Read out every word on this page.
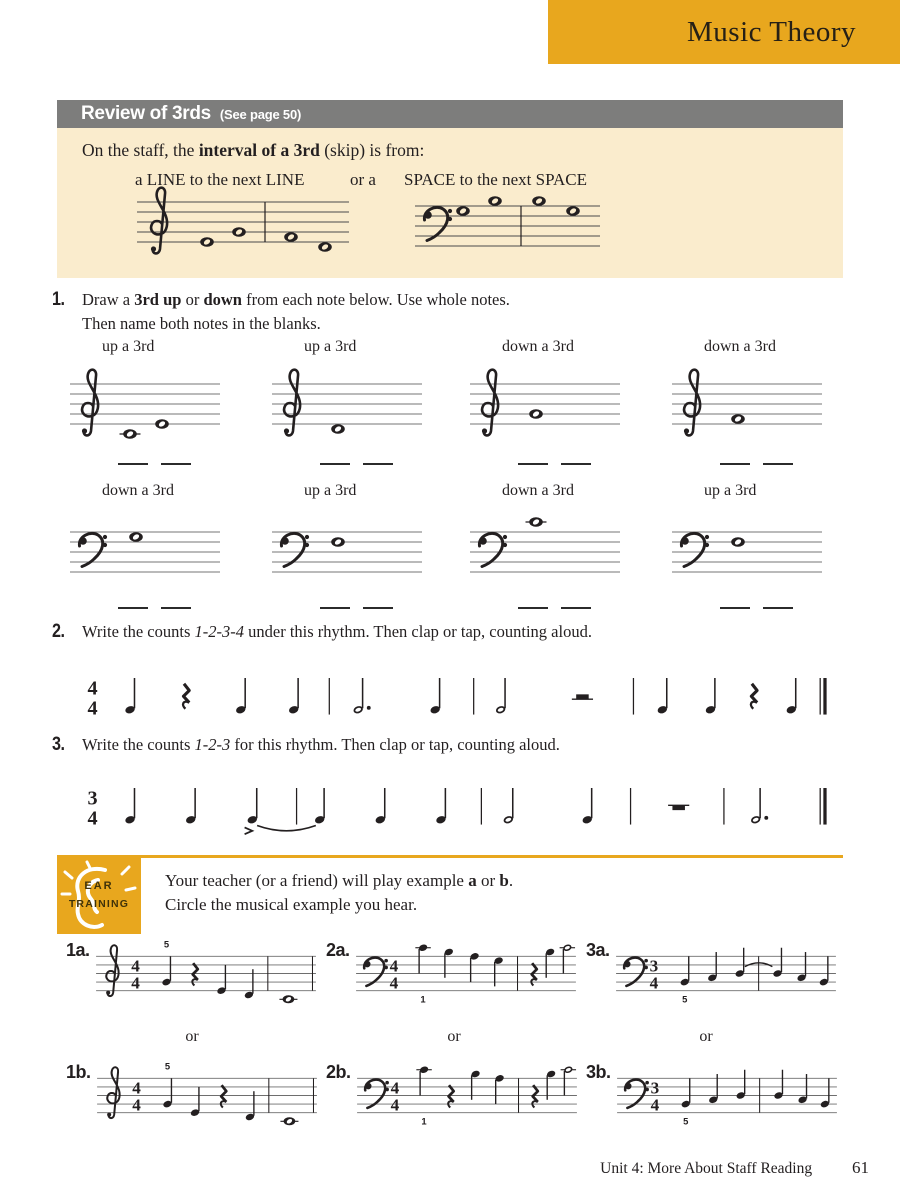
Music Theory
Review of 3rds (See page 50)

On the staff, the interval of a 3rd (skip) is from:

a LINE to the next LINE	or a SPACE to the next SPACE
1. Draw a 3rd up or down from each note below. Use whole notes.
Then name both notes in the blanks.

up a 3rd	up a 3rd	down a 3rd	down a 3rd
down a 3rd	up a 3rd	down a 3rd	up a 3rd
2. Write the counts 1-2-3-4 under this rhythm. Then clap or tap, counting aloud.

4
4
3. Write the counts 1-2-3 for this rhythm. Then clap or tap, counting aloud.

3
4
EAR
TRAINING

Your teacher (or a friend) will play example a or b.
Circle the musical example you hear.

1a.
4
4
5	2a.
4
4
1
3a.
3
4
5
or	or	or
1b.
4
4
5	2b.
4
4
1
3b.
3
4
5
Unit 4: More About Staff Reading 61
